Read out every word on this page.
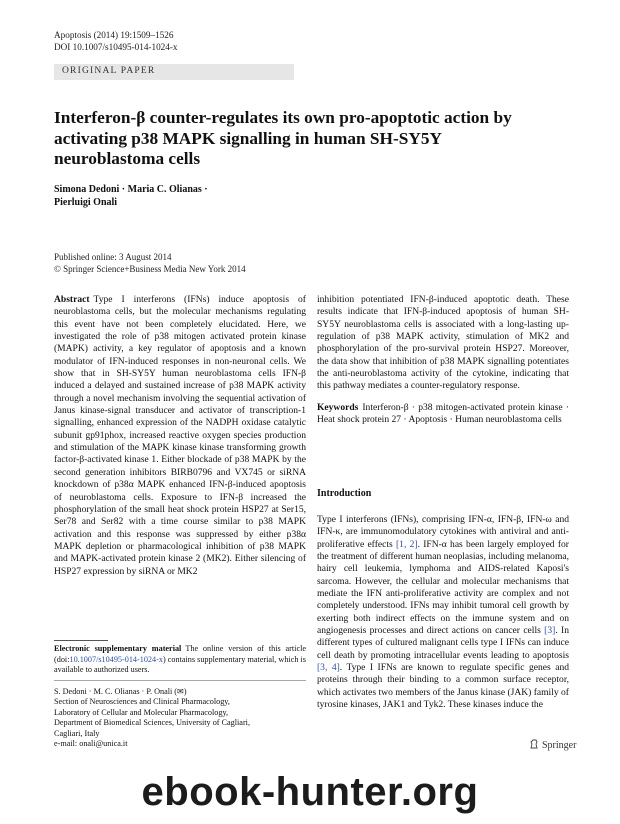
Apoptosis (2014) 19:1509–1526
DOI 10.1007/s10495-014-1024-x
ORIGINAL PAPER
Interferon-β counter-regulates its own pro-apoptotic action by activating p38 MAPK signalling in human SH-SY5Y neuroblastoma cells
Simona Dedoni · Maria C. Olianas ·
Pierluigi Onali
Published online: 3 August 2014
© Springer Science+Business Media New York 2014
Abstract Type I interferons (IFNs) induce apoptosis of neuroblastoma cells, but the molecular mechanisms regulating this event have not been completely elucidated. Here, we investigated the role of p38 mitogen activated protein kinase (MAPK) activity, a key regulator of apoptosis and a known modulator of IFN-induced responses in non-neuronal cells. We show that in SH-SY5Y human neuroblastoma cells IFN-β induced a delayed and sustained increase of p38 MAPK activity through a novel mechanism involving the sequential activation of Janus kinase-signal transducer and activator of transcription-1 signalling, enhanced expression of the NADPH oxidase catalytic subunit gp91phox, increased reactive oxygen species production and stimulation of the MAPK kinase kinase transforming growth factor-β-activated kinase 1. Either blockade of p38 MAPK by the second generation inhibitors BIRB0796 and VX745 or siRNA knockdown of p38α MAPK enhanced IFN-β-induced apoptosis of neuroblastoma cells. Exposure to IFN-β increased the phosphorylation of the small heat shock protein HSP27 at Ser15, Ser78 and Ser82 with a time course similar to p38 MAPK activation and this response was suppressed by either p38α MAPK depletion or pharmacological inhibition of p38 MAPK and MAPK-activated protein kinase 2 (MK2). Either silencing of HSP27 expression by siRNA or MK2
inhibition potentiated IFN-β-induced apoptotic death. These results indicate that IFN-β-induced apoptosis of human SH-SY5Y neuroblastoma cells is associated with a long-lasting up-regulation of p38 MAPK activity, stimulation of MK2 and phosphorylation of the pro-survival protein HSP27. Moreover, the data show that inhibition of p38 MAPK signalling potentiates the anti-neuroblastoma activity of the cytokine, indicating that this pathway mediates a counter-regulatory response.
Keywords Interferon-β · p38 mitogen-activated protein kinase · Heat shock protein 27 · Apoptosis · Human neuroblastoma cells
Introduction
Type I interferons (IFNs), comprising IFN-α, IFN-β, IFN-ω and IFN-κ, are immunomodulatory cytokines with antiviral and anti-proliferative effects [1, 2]. IFN-α has been largely employed for the treatment of different human neoplasias, including melanoma, hairy cell leukemia, lymphoma and AIDS-related Kaposi's sarcoma. However, the cellular and molecular mechanisms that mediate the IFN anti-proliferative activity are complex and not completely understood. IFNs may inhibit tumoral cell growth by exerting both indirect effects on the immune system and on angiogenesis processes and direct actions on cancer cells [3]. In different types of cultured malignant cells type I IFNs can induce cell death by promoting intracellular events leading to apoptosis [3, 4]. Type I IFNs are known to regulate specific genes and proteins through their binding to a common surface receptor, which activates two members of the Janus kinase (JAK) family of tyrosine kinases, JAK1 and Tyk2. These kinases induce the
Electronic supplementary material The online version of this article (doi:10.1007/s10495-014-1024-x) contains supplementary material, which is available to authorized users.
S. Dedoni · M. C. Olianas · P. Onali (✉)
Section of Neurosciences and Clinical Pharmacology,
Laboratory of Cellular and Molecular Pharmacology,
Department of Biomedical Sciences, University of Cagliari,
Cagliari, Italy
e-mail: onali@unica.it	Springer
ebook-hunter.org
